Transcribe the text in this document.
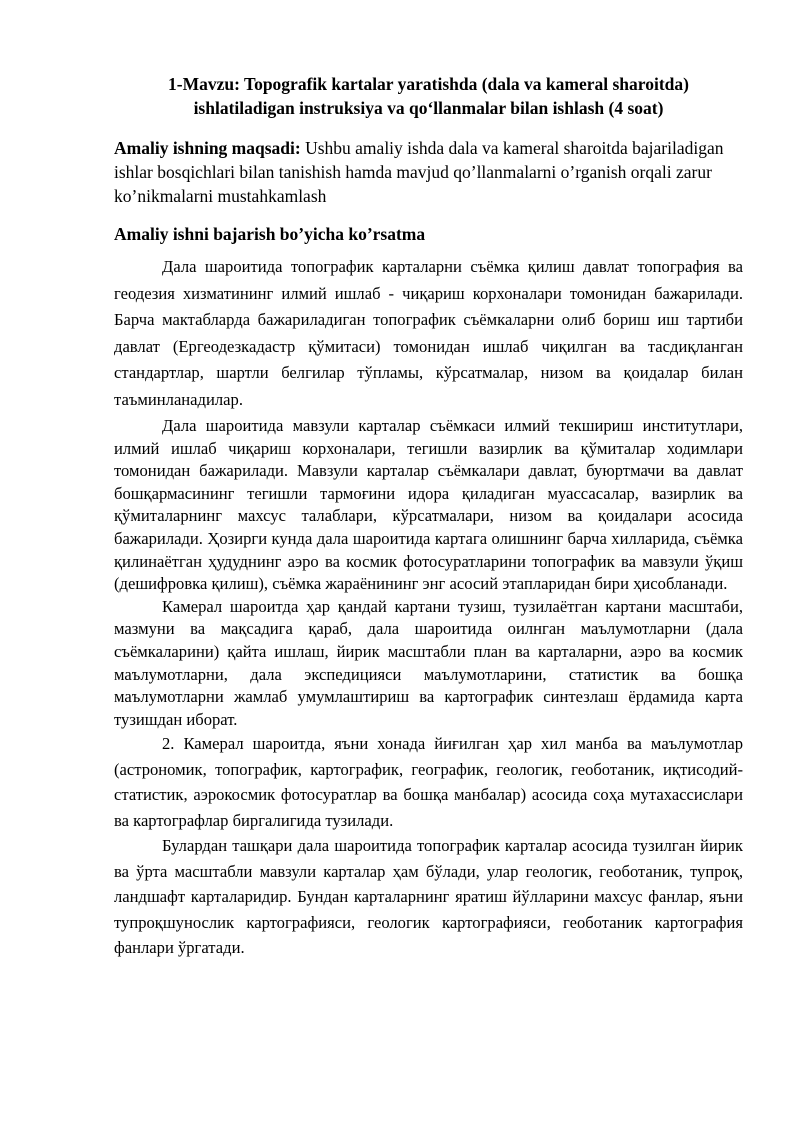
1-Mavzu: Topografik kartalar yaratishda (dala va kameral sharoitda)
ishlatiladigan instruksiya va qo‘llanmalar bilan ishlash (4 soat)

Amaliy ishning maqsadi: Ushbu amaliy ishda dala va kameral sharoitda bajariladigan ishlar bosqichlari bilan tanishish hamda mavjud qo’llanmalarni o’rganish orqali zarur ko’nikmalarni mustahkamlash

Amaliy ishni bajarish bo’yicha ko’rsatma

Дала шароитида топографик карталарни съёмка қилиш давлат топография ва геодезия хизматининг илмий ишлаб - чиқариш корхоналари томонидан бажарилади. Барча мактабларда бажариладиган топографик съёмкаларни олиб бориш иш тартиби давлат (Ергеодезкадастр қўмитаси) томонидан ишлаб чиқилган ва тасдиқланган стандартлар, шартли белгилар тўпламы, кўрсатмалар, низом ва қоидалар билан таъминланадилар.

Дала шароитида мавзули карталар съёмкаси илмий текшириш институтлари, илмий ишлаб чиқариш корхоналари, тегишли вазирлик ва қўмиталар ходимлари томонидан бажарилади. Мавзули карталар съёмкалари давлат, буюртмачи ва давлат бошқармасининг тегишли тармоғини идора қиладиган муассасалар, вазирлик ва қўмиталарнинг махсус талаблари, кўрсатмалари, низом ва қоидалари асосида бажарилади. Ҳозирги кунда дала шароитида картага олишнинг барча хилларида, съёмка қилинаётган ҳудуднинг аэро ва космик фотосуратларини топографик ва мавзули ўқиш (дешифровка қилиш), съёмка жараёнининг энг асосий этапларидан бири ҳисобланади.

Камерал шароитда ҳар қандай картани тузиш, тузилаётган картани масштаби, мазмуни ва мақсадига қараб, дала шароитида оилнган маълумотларни (дала съёмкаларини) қайта ишлаш, йирик масштабли план ва карталарни, аэро ва космик маълумотларни, дала экспедицияси маълумотларини, статистик ва бошқа маълумотларни жамлаб умумлаштириш ва картографик синтезлаш ёрдамида карта тузишдан иборат.

2. Камерал шароитда, яъни хонада йиғилган ҳар хил манба ва маълумотлар (астрономик, топографик, картографик, географик, геологик, геоботаник, иқтисодий-статистик, аэрокосмик фотосуратлар ва бошқа манбалар) асосида соҳа мутахассислари ва картографлар биргалигида тузилади.

Булардан ташқари дала шароитида топографик карталар асосида тузилган йирик ва ўрта масштабли мавзули карталар ҳам бўлади, улар геологик, геоботаник, тупроқ, ландшафт карталаридир. Бундан карталарнинг яратиш йўлларини махсус фанлар, яъни тупроқшунослик картографияси, геологик картографияси, геоботаник картография фанлари ўргатади.
